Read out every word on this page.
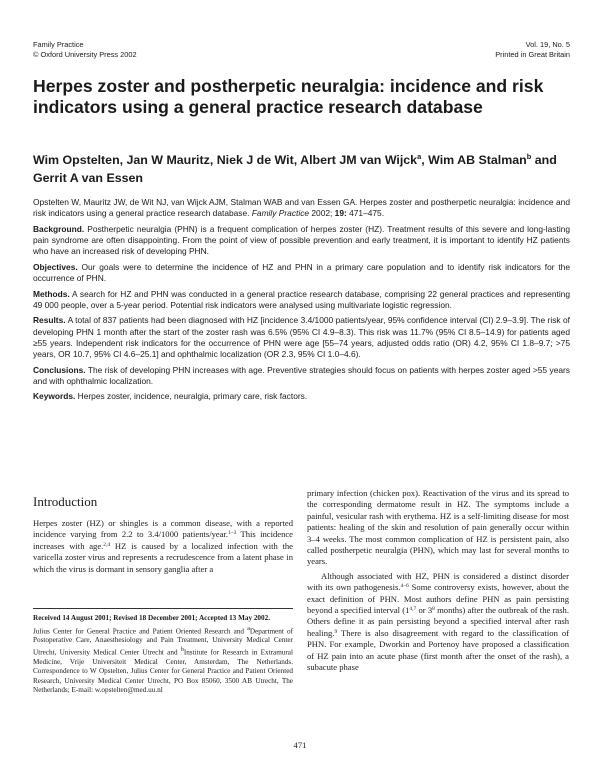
Family Practice
© Oxford University Press 2002
Vol. 19, No. 5
Printed in Great Britain
Herpes zoster and postherpetic neuralgia: incidence and risk indicators using a general practice research database
Wim Opstelten, Jan W Mauritz, Niek J de Wit, Albert JM van Wijck$^a$, Wim AB Stalman$^b$ and Gerrit A van Essen

Opstelten W, Mauritz JW, de Wit NJ, van Wijck AJM, Stalman WAB and van Essen GA. Herpes zoster and postherpetic neuralgia: incidence and risk indicators using a general practice research database. Family Practice 2002; 19: 471–475.

Background. Postherpetic neuralgia (PHN) is a frequent complication of herpes zoster (HZ). Treatment results of this severe and long-lasting pain syndrome are often disappointing. From the point of view of possible prevention and early treatment, it is important to identify HZ patients who have an increased risk of developing PHN.

Objectives. Our goals were to determine the incidence of HZ and PHN in a primary care population and to identify risk indicators for the occurrence of PHN.

Methods. A search for HZ and PHN was conducted in a general practice research database, comprising 22 general practices and representing 49 000 people, over a 5-year period. Potential risk indicators were analysed using multivariate logistic regression.

Results. A total of 837 patients had been diagnosed with HZ [incidence 3.4/1000 patients/year, 95% confidence interval (CI) 2.9–3.9]. The risk of developing PHN 1 month after the start of the zoster rash was 6.5% (95% CI 4.9–8.3). This risk was 11.7% (95% CI 8.5–14.9) for patients aged ≥55 years. Independent risk indicators for the occurrence of PHN were age [55–74 years, adjusted odds ratio (OR) 4.2, 95% CI 1.8–9.7; >75 years, OR 10.7, 95% CI 4.6–25.1] and ophthalmic localization (OR 2.3, 95% CI 1.0–4.6).

Conclusions. The risk of developing PHN increases with age. Preventive strategies should focus on patients with herpes zoster aged >55 years and with ophthalmic localization.

Keywords. Herpes zoster, incidence, neuralgia, primary care, risk factors.

Introduction

Herpes zoster (HZ) or shingles is a common disease, with a reported incidence varying from 2.2 to 3.4/1000 patients/year.$^{1-3}$ This incidence increases with age.$^{2,4}$ HZ is caused by a localized infection with the varicella zoster virus and represents a recrudescence from a latent phase in which the virus is dormant in sensory ganglia after a

Received 14 August 2001; Revised 18 December 2001; Accepted 13 May 2002.
Julius Center for General Practice and Patient Oriented Research and $^a$Department of Postoperative Care, Anaesthesiology and Pain Treatment, University Medical Center Utrecht, University Medical Center Utrecht and $^b$Institute for Research in Extramural Medicine, Vrije Universiteit Medical Center, Amsterdam, The Netherlands. Correspondence to W Opstelten, Julius Center for General Practice and Patient Oriented Research, University Medical Center Utrecht, PO Box 85060, 3500 AB Utrecht, The Netherlands; E-mail: w.opstelten@med.uu.nl

primary infection (chicken pox). Reactivation of the virus and its spread to the corresponding dermatome result in HZ. The symptoms include a painful, vesicular rash with erythema. HZ is a self-limiting disease for most patients: healing of the skin and resolution of pain generally occur within 3–4 weeks. The most common complication of HZ is persistent pain, also called postherpetic neuralgia (PHN), which may last for several months to years.

Although associated with HZ, PHN is considered a distinct disorder with its own pathogenesis.$^{4-6}$ Some controversy exists, however, about the exact definition of PHN. Most authors define PHN as pain persisting beyond a specified interval (1$^{4,7}$ or $3^8$ months) after the outbreak of the rash. Others define it as pain persisting beyond a specified interval after rash healing.$^9$ There is also disagreement with regard to the classification of PHN. For example, Dworkin and Portenoy have proposed a classification of HZ pain into an acute phase (first month after the onset of the rash), a subacute phase

471
